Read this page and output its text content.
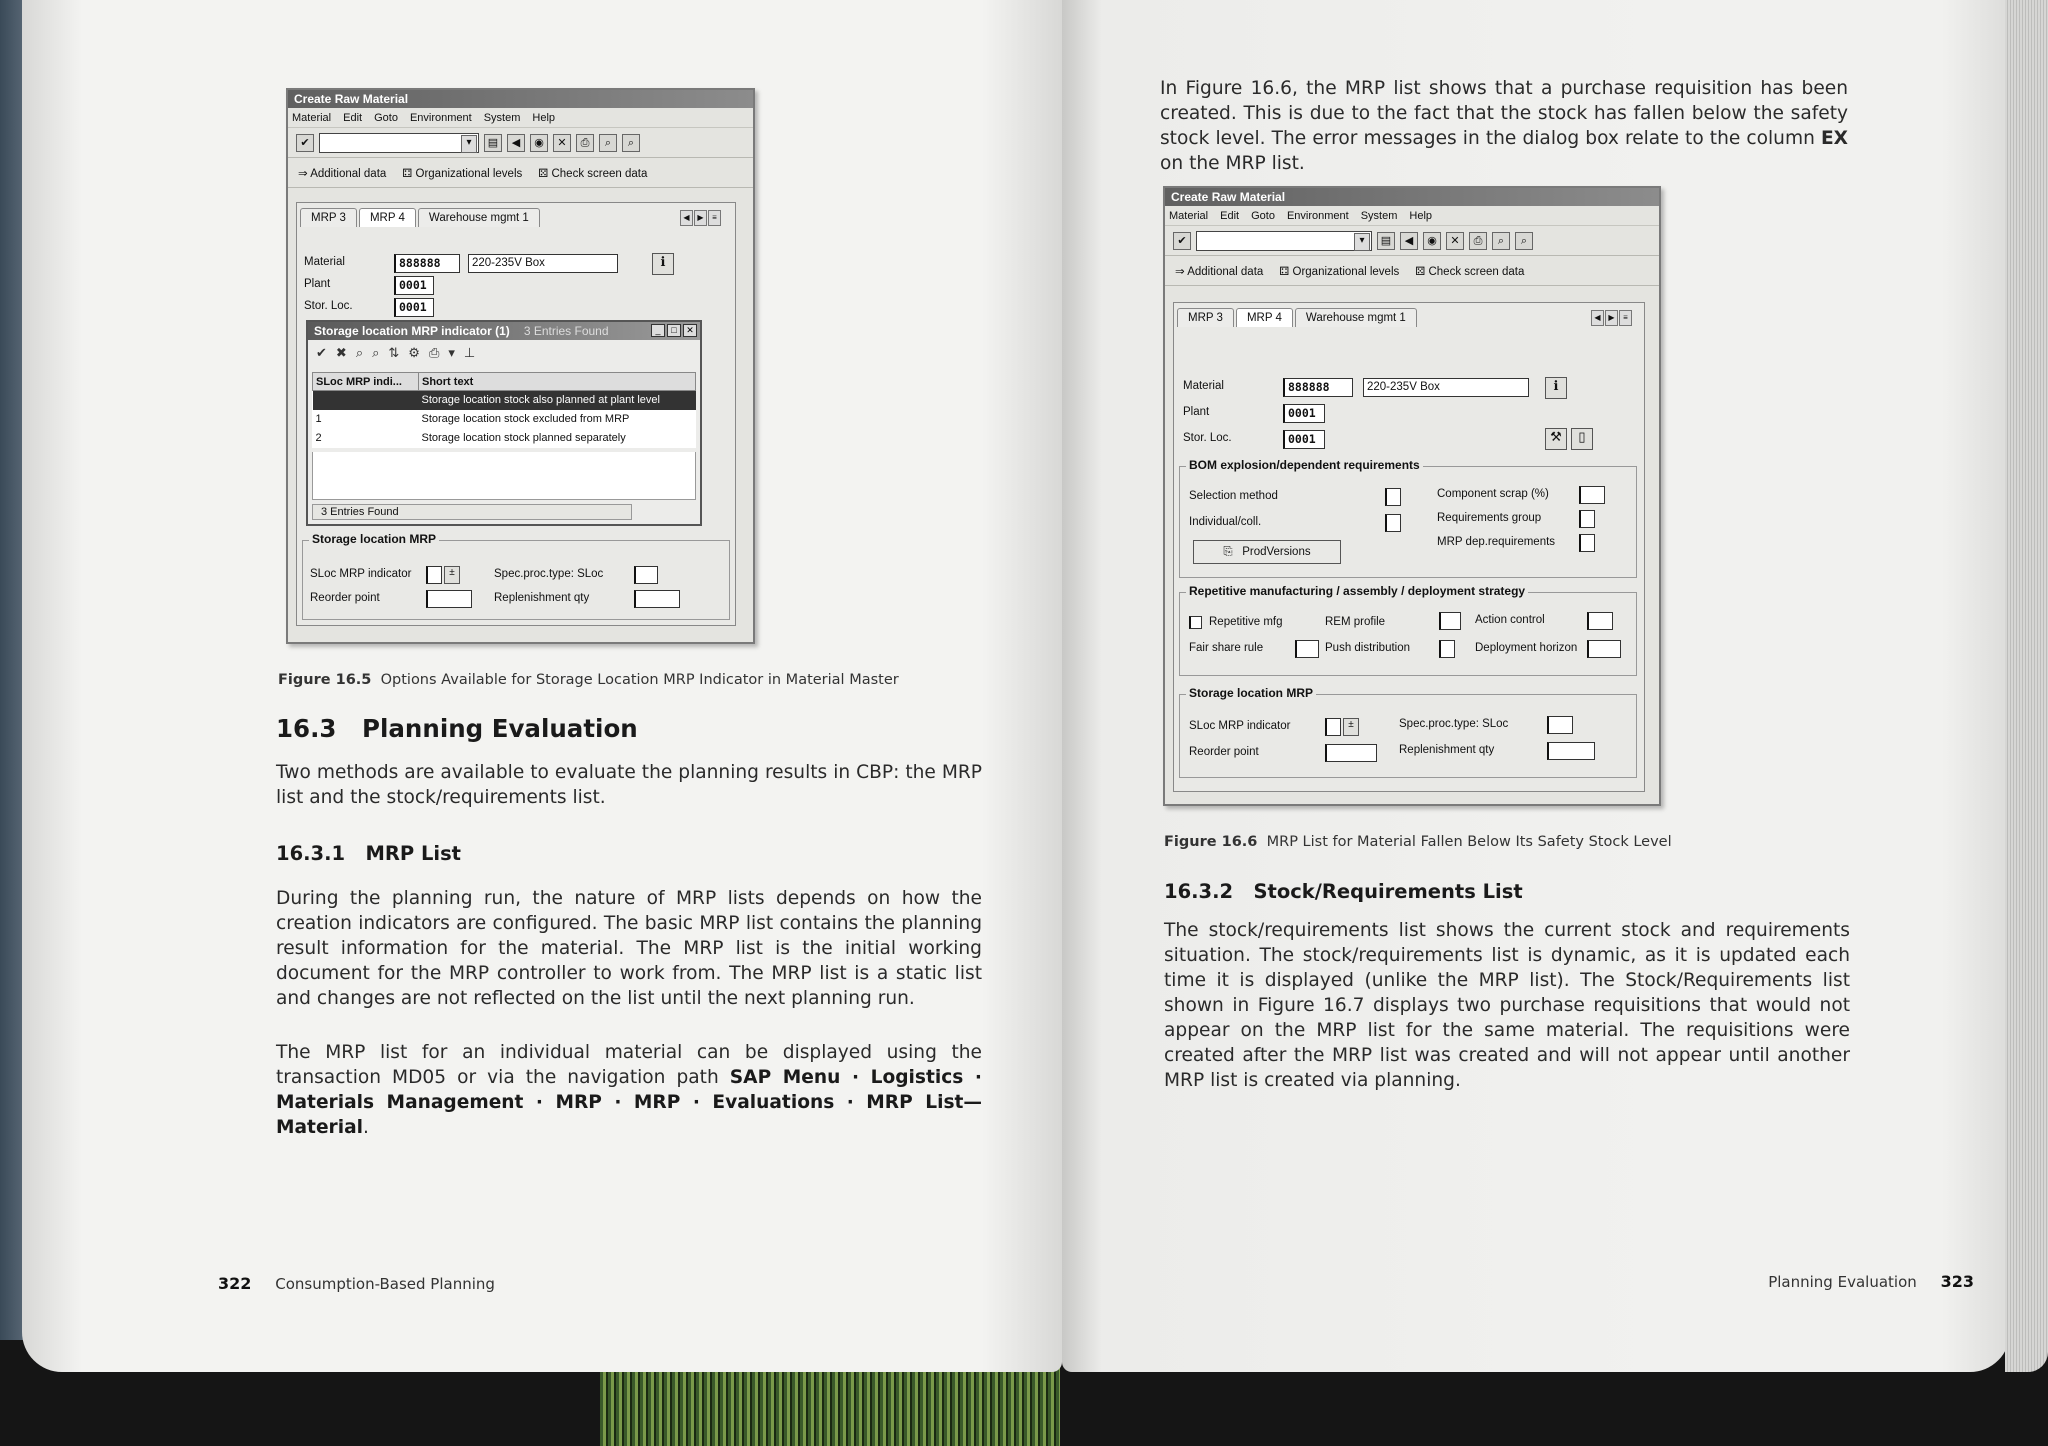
Create Raw Material
Material Edit Goto Environment System Help
✔ ▾	▤	◀	◉	✕	⎙	⌕	⌕
⇒ Additional data ⚃ Organizational levels ⚄ Check screen data
MRP 3	MRP 4	Warehouse mgmt 1	◀ ▶	≡
Material	888888	220-235V Box	ℹ
Plant	0001
Stor. Loc.	0001
Storage location MRP indicator (1) 3 Entries Found	_	□	✕
✔ ✖ ⌕ ⌕ ⇅ ⚙ ⎙ ▾ ⊥
SLoc MRP indi...	Short text
	Storage location stock also planned at plant level
1	Storage location stock excluded from MRP
2	Storage location stock planned separately
3 Entries Found
Storage location MRP
SLoc MRP indicator	±	Spec.proc.type: SLoc
Reorder point	Replenishment qty
Figure 16.5 Options Available for Storage Location MRP Indicator in Material Master
16.3 Planning Evaluation
Two methods are available to evaluate the planning results in CBP: the MRP list and the stock/requirements list.
16.3.1 MRP List
During the planning run, the nature of MRP lists depends on how the creation indicators are configured. The basic MRP list contains the planning result information for the material. The MRP list is the initial working document for the MRP controller to work from. The MRP list is a static list and changes are not reflected on the list until the next planning run.
The MRP list for an individual material can be displayed using the transaction MD05 or via the navigation path SAP Menu · Logistics · Materials Management · MRP · MRP · Evaluations · MRP List—Material.
322 Consumption-Based Planning
In Figure 16.6, the MRP list shows that a purchase requisition has been created. This is due to the fact that the stock has fallen below the safety stock level. The error messages in the dialog box relate to the column EX on the MRP list.
Create Raw Material
Material Edit Goto Environment System Help
✔ ▾	▤	◀	◉	✕	⎙	⌕	⌕
⇒ Additional data ⚃ Organizational levels ⚄ Check screen data
MRP 3	MRP 4	Warehouse mgmt 1	◀ ▶	≡
Material	888888	220-235V Box	ℹ
Plant	0001
Stor. Loc.	0001	⚒	▯
BOM explosion/dependent requirements
Selection method
Individual/coll.
⎘   ProdVersions
Component scrap (%)
Requirements group
MRP dep.requirements
Repetitive manufacturing / assembly / deployment strategy
Repetitive mfg	REM profile	Action control
Fair share rule	Push distribution	Deployment horizon
Storage location MRP
SLoc MRP indicator	±	Spec.proc.type: SLoc
Reorder point	Replenishment qty
Figure 16.6 MRP List for Material Fallen Below Its Safety Stock Level
16.3.2 Stock/Requirements List
The stock/requirements list shows the current stock and requirements situation. The stock/requirements list is dynamic, as it is updated each time it is displayed (unlike the MRP list). The Stock/Requirements list shown in Figure 16.7 displays two purchase requisitions that would not appear on the MRP list for the same material. The requisitions were created after the MRP list was created and will not appear until another MRP list is created via planning.
Planning Evaluation 323
